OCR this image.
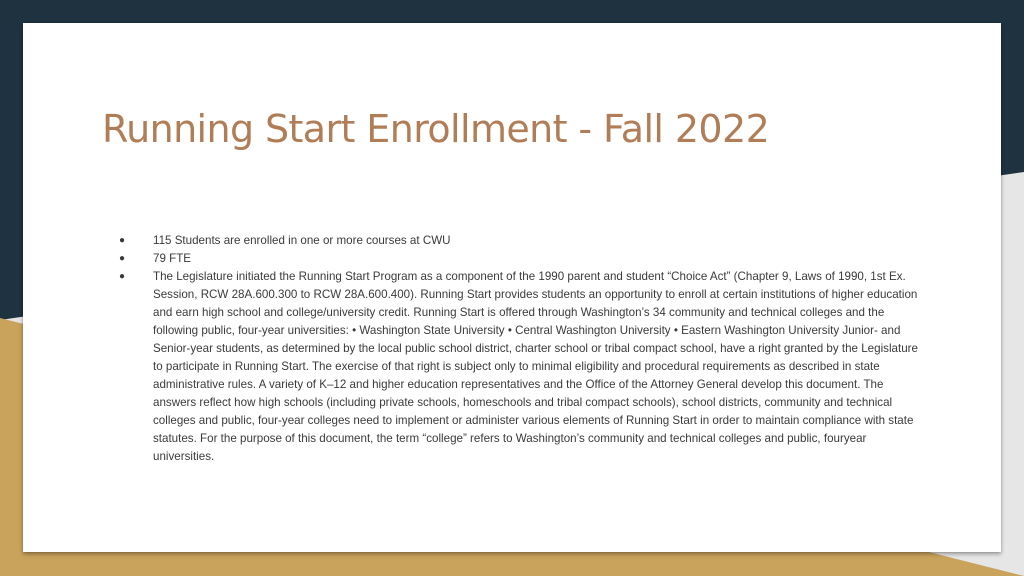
Running Start Enrollment - Fall 2022
● 115 Students are enrolled in one or more courses at CWU
● 79 FTE
● The Legislature initiated the Running Start Program as a component of the 1990 parent and student “Choice Act” (Chapter 9, Laws of 1990, 1st Ex. Session, RCW 28A.600.300 to RCW 28A.600.400). Running Start provides students an opportunity to enroll at certain institutions of higher education and earn high school and college/university credit. Running Start is offered through Washington’s 34 community and technical colleges and the following public, four-year universities: • Washington State University • Central Washington University • Eastern Washington University Junior- and Senior-year students, as determined by the local public school district, charter school or tribal compact school, have a right granted by the Legislature to participate in Running Start. The exercise of that right is subject only to minimal eligibility and procedural requirements as described in state administrative rules. A variety of K–12 and higher education representatives and the Office of the Attorney General develop this document. The answers reflect how high schools (including private schools, homeschools and tribal compact schools), school districts, community and technical colleges and public, four-year colleges need to implement or administer various elements of Running Start in order to maintain compliance with state statutes. For the purpose of this document, the term “college” refers to Washington’s community and technical colleges and public, fouryear universities.
